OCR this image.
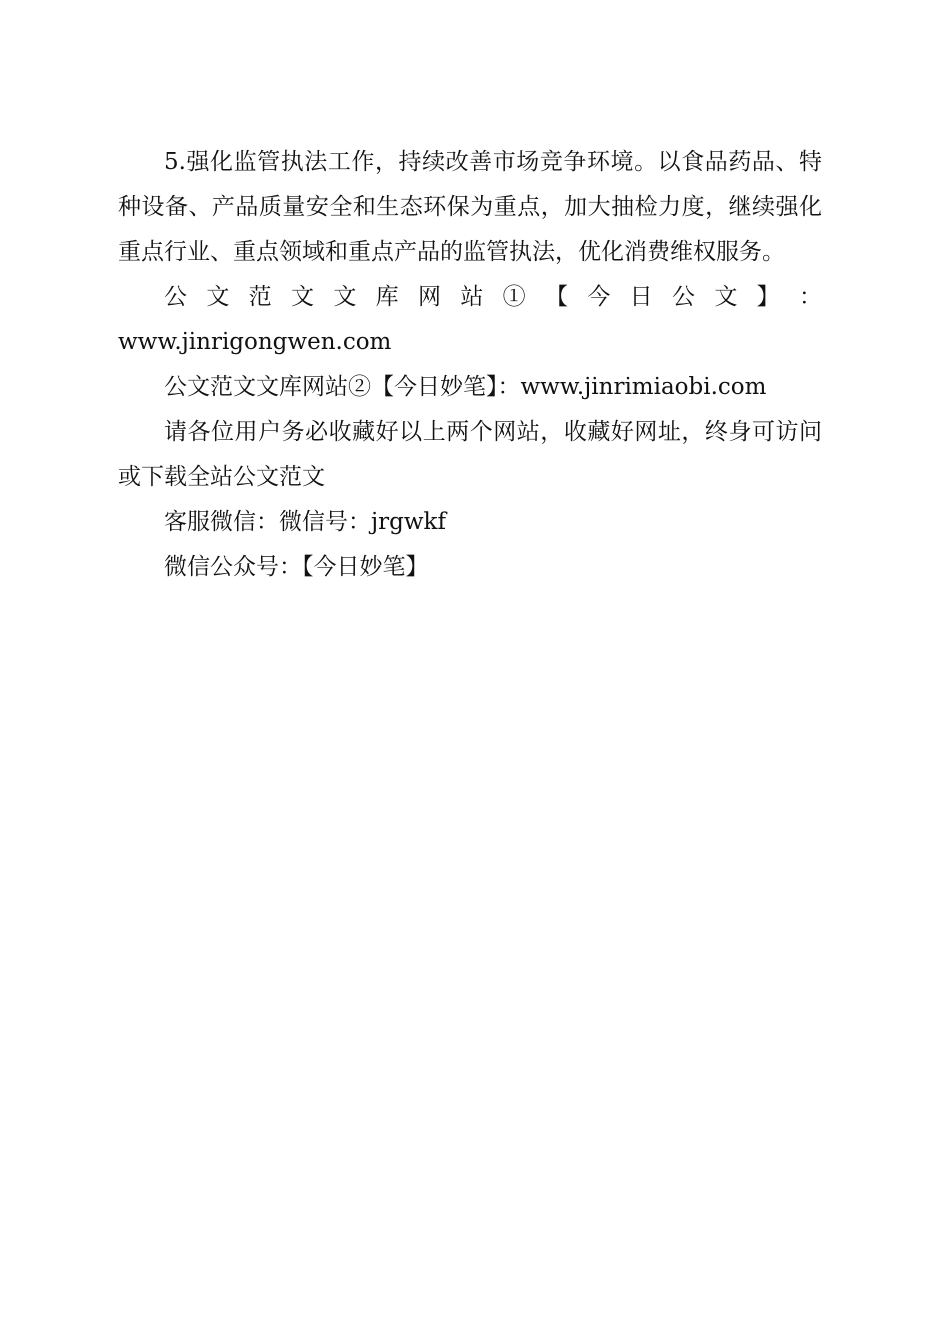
5.强化监管执法工作，持续改善市场竞争环境。以食品药品、特种设备、产品质量安全和生态环保为重点，加大抽检力度，继续强化重点行业、重点领域和重点产品的监管执法，优化消费维权服务。

公 文 范 文 文 库 网 站 ① 【 今 日 公 文 】 ：
www.jinrigongwen.com

公文范文文库网站②【今日妙笔】：www.jinrimiaobi.com

请各位用户务必收藏好以上两个网站，收藏好网址，终身可访问或下载全站公文范文

客服微信：微信号：jrgwkf

微信公众号：【今日妙笔】
